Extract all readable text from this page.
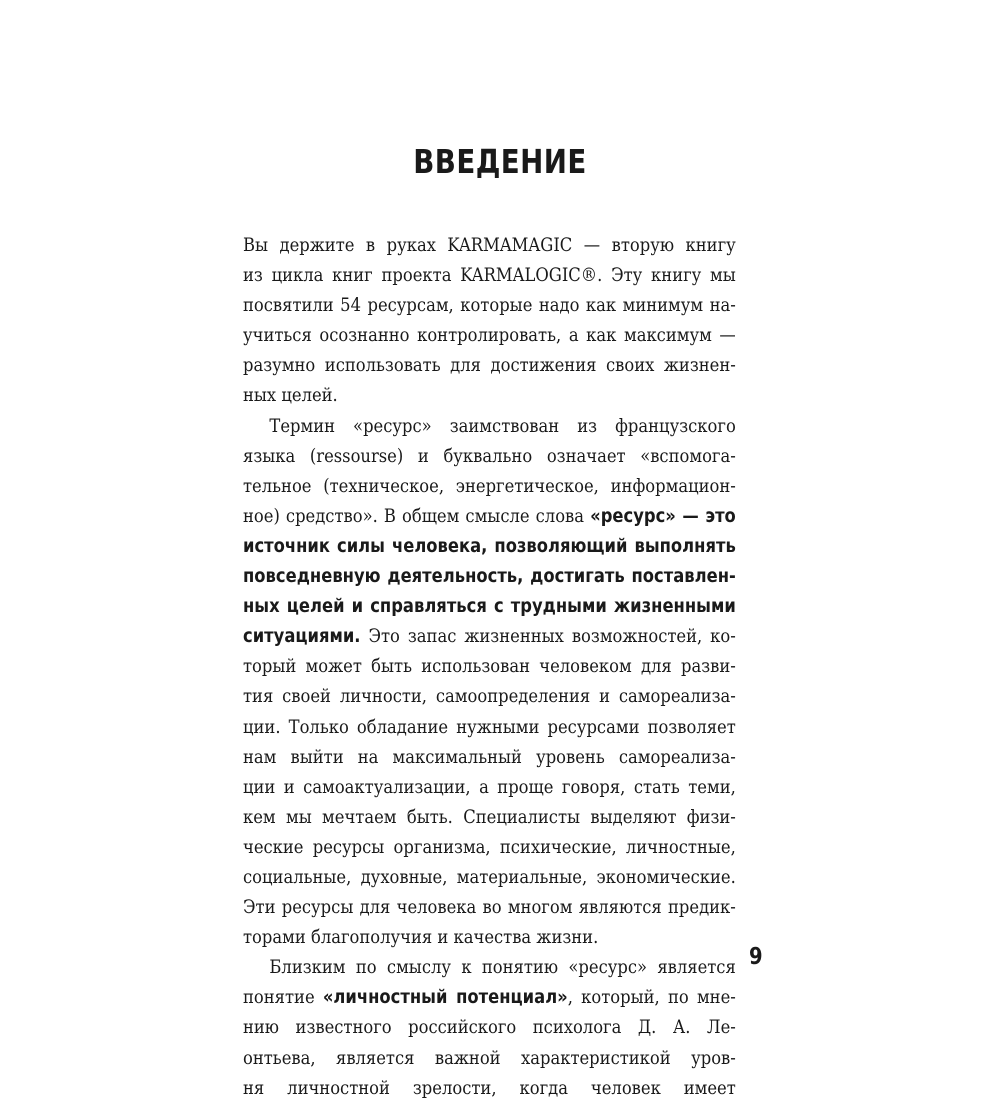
ВВЕДЕНИЕ
Вы держите в руках KARMAMAGIC — вторую книгу
из цикла книг проекта KARMALOGIC®. Эту книгу мы
посвятили 54 ресурсам, которые надо как минимум на-
учиться осознанно контролировать, а как максимум —
разумно использовать для достижения своих жизнен-
ных целей.
Термин «ресурс» заимствован из французского
языка (ressourse) и буквально означает «вспомога-
тельное (техническое, энергетическое, информацион-
ное) средство». В общем смысле слова «ресурс» — это
источник силы человека, позволяющий выполнять
повседневную деятельность, достигать поставлен-
ных целей и справляться с трудными жизненными
ситуациями. Это запас жизненных возможностей, ко-
торый может быть использован человеком для разви-
тия своей личности, самоопределения и самореализа-
ции. Только обладание нужными ресурсами позволяет
нам выйти на максимальный уровень самореализа-
ции и самоактуализации, а проще говоря, стать теми,
кем мы мечтаем быть. Специалисты выделяют физи-
ческие ресурсы организма, психические, личностные,
социальные, духовные, материальные, экономические.
Эти ресурсы для человека во многом являются предик-
торами благополучия и качества жизни.
Близким по смыслу к понятию «ресурс» является
понятие «личностный потенциал», который, по мне-
нию известного российского психолога Д. А. Ле-
онтьева, является важной характеристикой уров-
ня личностной зрелости, когда человек имеет
9
